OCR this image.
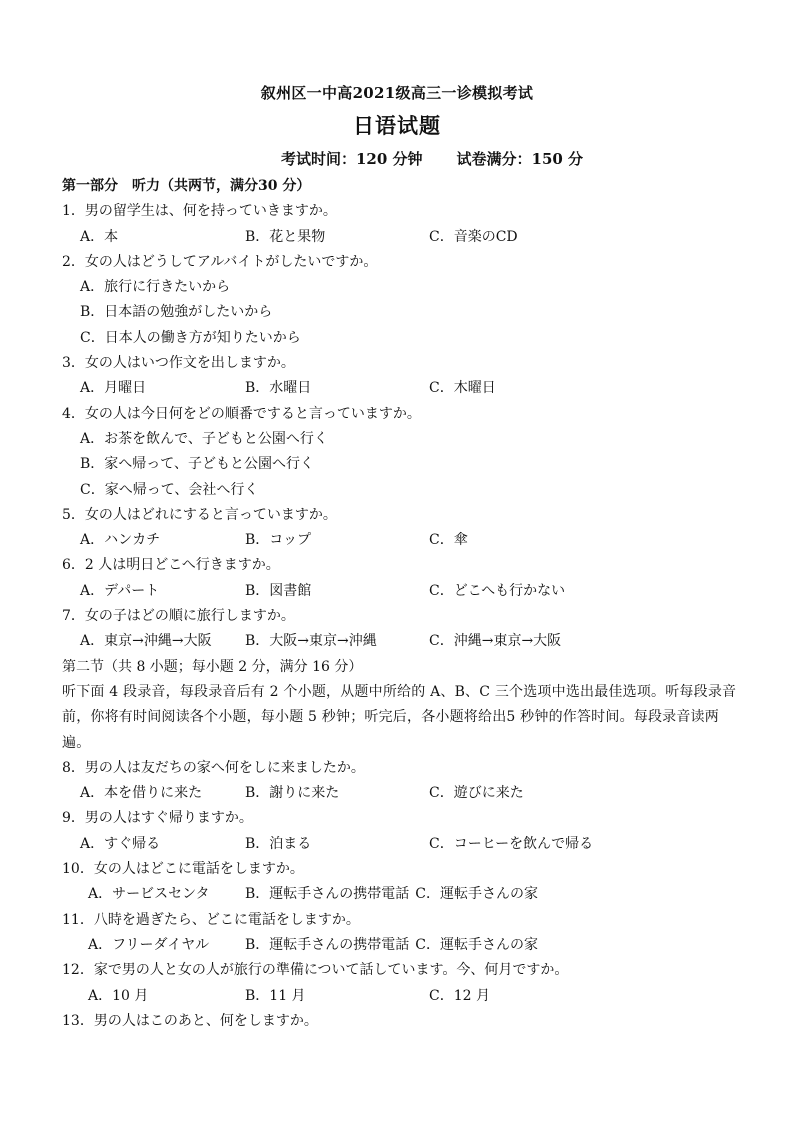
叙州区一中高2021级高三一诊模拟考试
日语试题
考试时间：120 分钟 试卷满分：150 分
第一部分　听力（共两节，满分30 分）
1．男の留学生は、何を持っていきますか。
A．本	B．花と果物	C．音楽のCD
2．女の人はどうしてアルバイトがしたいですか。
A．旅行に行きたいから
B．日本語の勉強がしたいから
C．日本人の働き方が知りたいから
3．女の人はいつ作文を出しますか。
A．月曜日	B．水曜日	C．木曜日
4．女の人は今日何をどの順番ですると言っていますか。
A．お茶を飲んで、子どもと公園へ行く
B．家へ帰って、子どもと公園へ行く
C．家へ帰って、会社へ行く
5．女の人はどれにすると言っていますか。
A．ハンカチ	B．コップ	C．傘
6．2 人は明日どこへ行きますか。
A．デパート	B．図書館	C．どこへも行かない
7．女の子はどの順に旅行しますか。
A．東京→沖縄→大阪 B．大阪→東京→沖縄	C．沖縄→東京→大阪
第二节（共 8 小题；每小题 2 分，满分 16 分）
听下面 4 段录音，每段录音后有 2 个小题，从题中所给的 A、B、C 三个选项中选出最佳选项。听每段录音前，你将有时间阅读各个小题，每小题 5 秒钟；听完后，各小题将给出5 秒钟的作答时间。每段录音读两遍。
8．男の人は友だちの家へ何をしに来ましたか。
A．本を借りに来た	B．謝りに来た	C．遊びに来た
9．男の人はすぐ帰りますか。
A．すぐ帰る	B．泊まる	C．コーヒーを飲んで帰る
10．女の人はどこに電話をしますか。
A．サービスセンタ	B．運転手さんの携帯電話 C．運転手さんの家
11．八時を過ぎたら、どこに電話をしますか。
A．フリーダイヤル	B．運転手さんの携帯電話 C．運転手さんの家
12．家で男の人と女の人が旅行の準備について話しています。今、何月ですか。
A．10 月	B．11 月	C．12 月
13．男の人はこのあと、何をしますか。
